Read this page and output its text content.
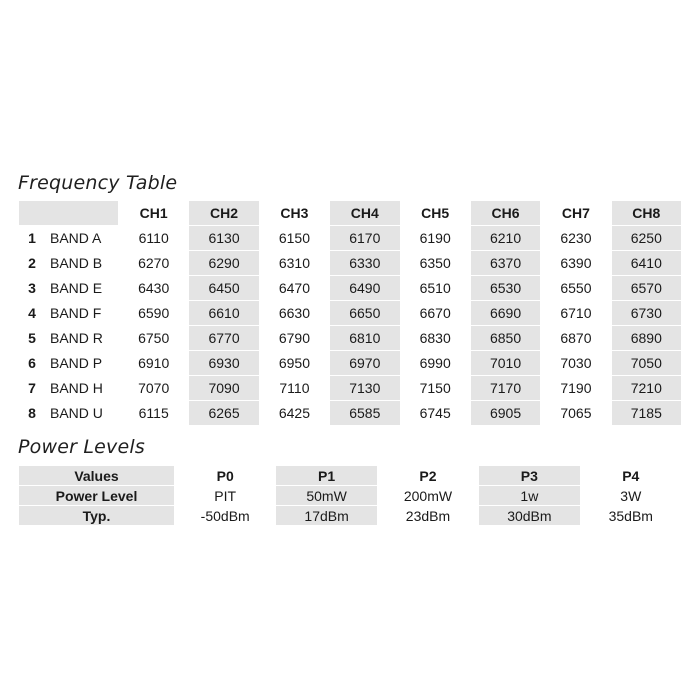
Frequency Table
		CH1	CH2	CH3	CH4	CH5	CH6	CH7	CH8
1	BAND A	6110	6130	6150	6170	6190	6210	6230	6250
2	BAND B	6270	6290	6310	6330	6350	6370	6390	6410
3	BAND E	6430	6450	6470	6490	6510	6530	6550	6570
4	BAND F	6590	6610	6630	6650	6670	6690	6710	6730
5	BAND R	6750	6770	6790	6810	6830	6850	6870	6890
6	BAND P	6910	6930	6950	6970	6990	7010	7030	7050
7	BAND H	7070	7090	7110	7130	7150	7170	7190	7210
8	BAND U	6115	6265	6425	6585	6745	6905	7065	7185
Power Levels
Values	P0	P1	P2	P3	P4
Power Level	PIT	50mW	200mW	1w	3W
Typ.	-50dBm	17dBm	23dBm	30dBm	35dBm
